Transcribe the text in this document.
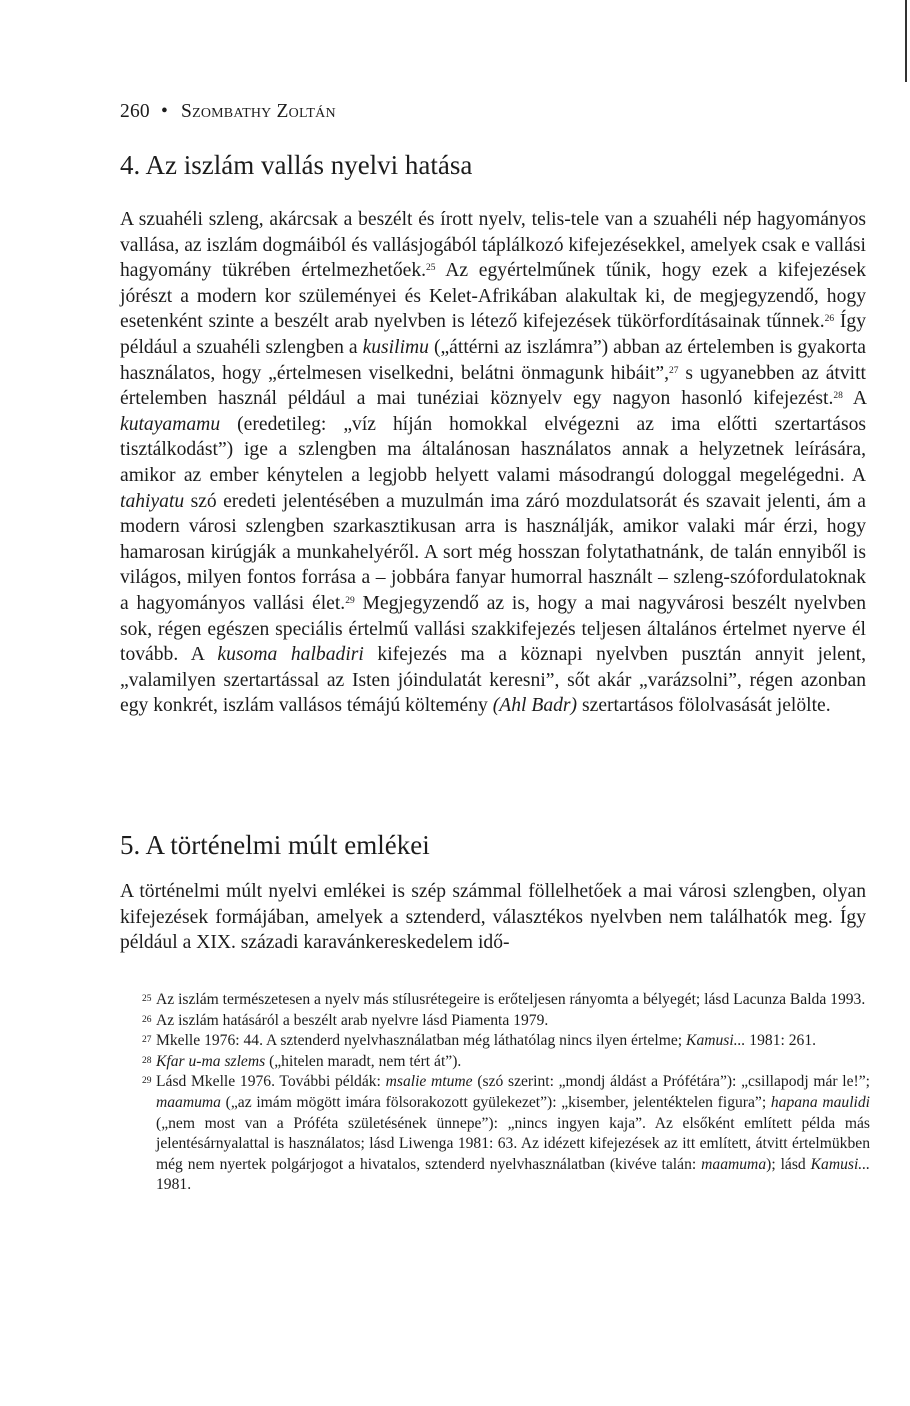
260 • Szombathy Zoltán
4. Az iszlám vallás nyelvi hatása

A szuahéli szleng, akárcsak a beszélt és írott nyelv, telis-tele van a szuahéli nép hagyományos vallása, az iszlám dogmáiból és vallásjogából táplálkozó kifejezésekkel, amelyek csak e vallási hagyomány tükrében értelmezhetőek.$^{25}$ Az egyértelműnek tűnik, hogy ezek a kifejezések jórészt a modern kor szüleményei és Kelet-Afrikában alakultak ki, de megjegyzendő, hogy esetenként szinte a beszélt arab nyelvben is létező kifejezések tükörfordításainak tűnnek.$^{26}$ Így például a szuahéli szlengben a kusilimu („áttérni az iszlámra”) abban az értelemben is gyakorta használatos, hogy „értelmesen viselkedni, belátni önmagunk hibáit”,$^{27}$ s ugyanebben az átvitt értelemben használ például a mai tunéziai köznyelv egy nagyon hasonló kifejezést.$^{28}$ A kutayamamu (eredetileg: „víz híján homokkal elvégezni az ima előtti szertartásos tisztálkodást”) ige a szlengben ma általánosan használatos annak a helyzetnek leírására, amikor az ember kénytelen a legjobb helyett valami másodrangú dologgal megelégedni. A tahiyatu szó eredeti jelentésében a muzulmán ima záró mozdulatsorát és szavait jelenti, ám a modern városi szlengben szarkasztikusan arra is használják, amikor valaki már érzi, hogy hamarosan kirúgják a munkahelyéről. A sort még hosszan folytathatnánk, de talán ennyiből is világos, milyen fontos forrása a – jobbára fanyar humorral használt – szleng-szófordulatoknak a hagyományos vallási élet.$^{29}$ Megjegyzendő az is, hogy a mai nagyvárosi beszélt nyelvben sok, régen egészen speciális értelmű vallási szakkifejezés teljesen általános értelmet nyerve él tovább. A kusoma halbadiri kifejezés ma a köznapi nyelvben pusztán annyit jelent, „valamilyen szertartással az Isten jóindulatát keresni”, sőt akár „varázsolni”, régen azonban egy konkrét, iszlám vallásos témájú költemény (Ahl Badr) szertartásos fölolvasását jelölte.

5. A történelmi múlt emlékei

A történelmi múlt nyelvi emlékei is szép számmal föllelhetőek a mai városi szlengben, olyan kifejezések formájában, amelyek a sztenderd, választékos nyelvben nem találhatók meg. Így például a XIX. századi karavánkereskedelem idő-

25 Az iszlám természetesen a nyelv más stílusrétegeire is erőteljesen rányomta a bélyegét; lásd Lacunza Balda 1993.

26 Az iszlám hatásáról a beszélt arab nyelvre lásd Piamenta 1979.

27 Mkelle 1976: 44. A sztenderd nyelvhasználatban még láthatólag nincs ilyen értelme; Kamusi... 1981: 261.

28 Kfar u-ma szlems („hitelen maradt, nem tért át”).

29 Lásd Mkelle 1976. További példák: msalie mtume (szó szerint: „mondj áldást a Prófétára”): „csillapodj már le!”; maamuma („az imám mögött imára fölsorakozott gyülekezet”): „kisember, jelentéktelen figura”; hapana maulidi („nem most van a Próféta születésének ünnepe”): „nincs ingyen kaja”. Az elsőként említett példa más jelentésárnyalattal is használatos; lásd Liwenga 1981: 63. Az idézett kifejezések az itt említett, átvitt értelmükben még nem nyertek polgárjogot a hivatalos, sztenderd nyelvhasználatban (kivéve talán: maamuma); lásd Kamusi... 1981.
